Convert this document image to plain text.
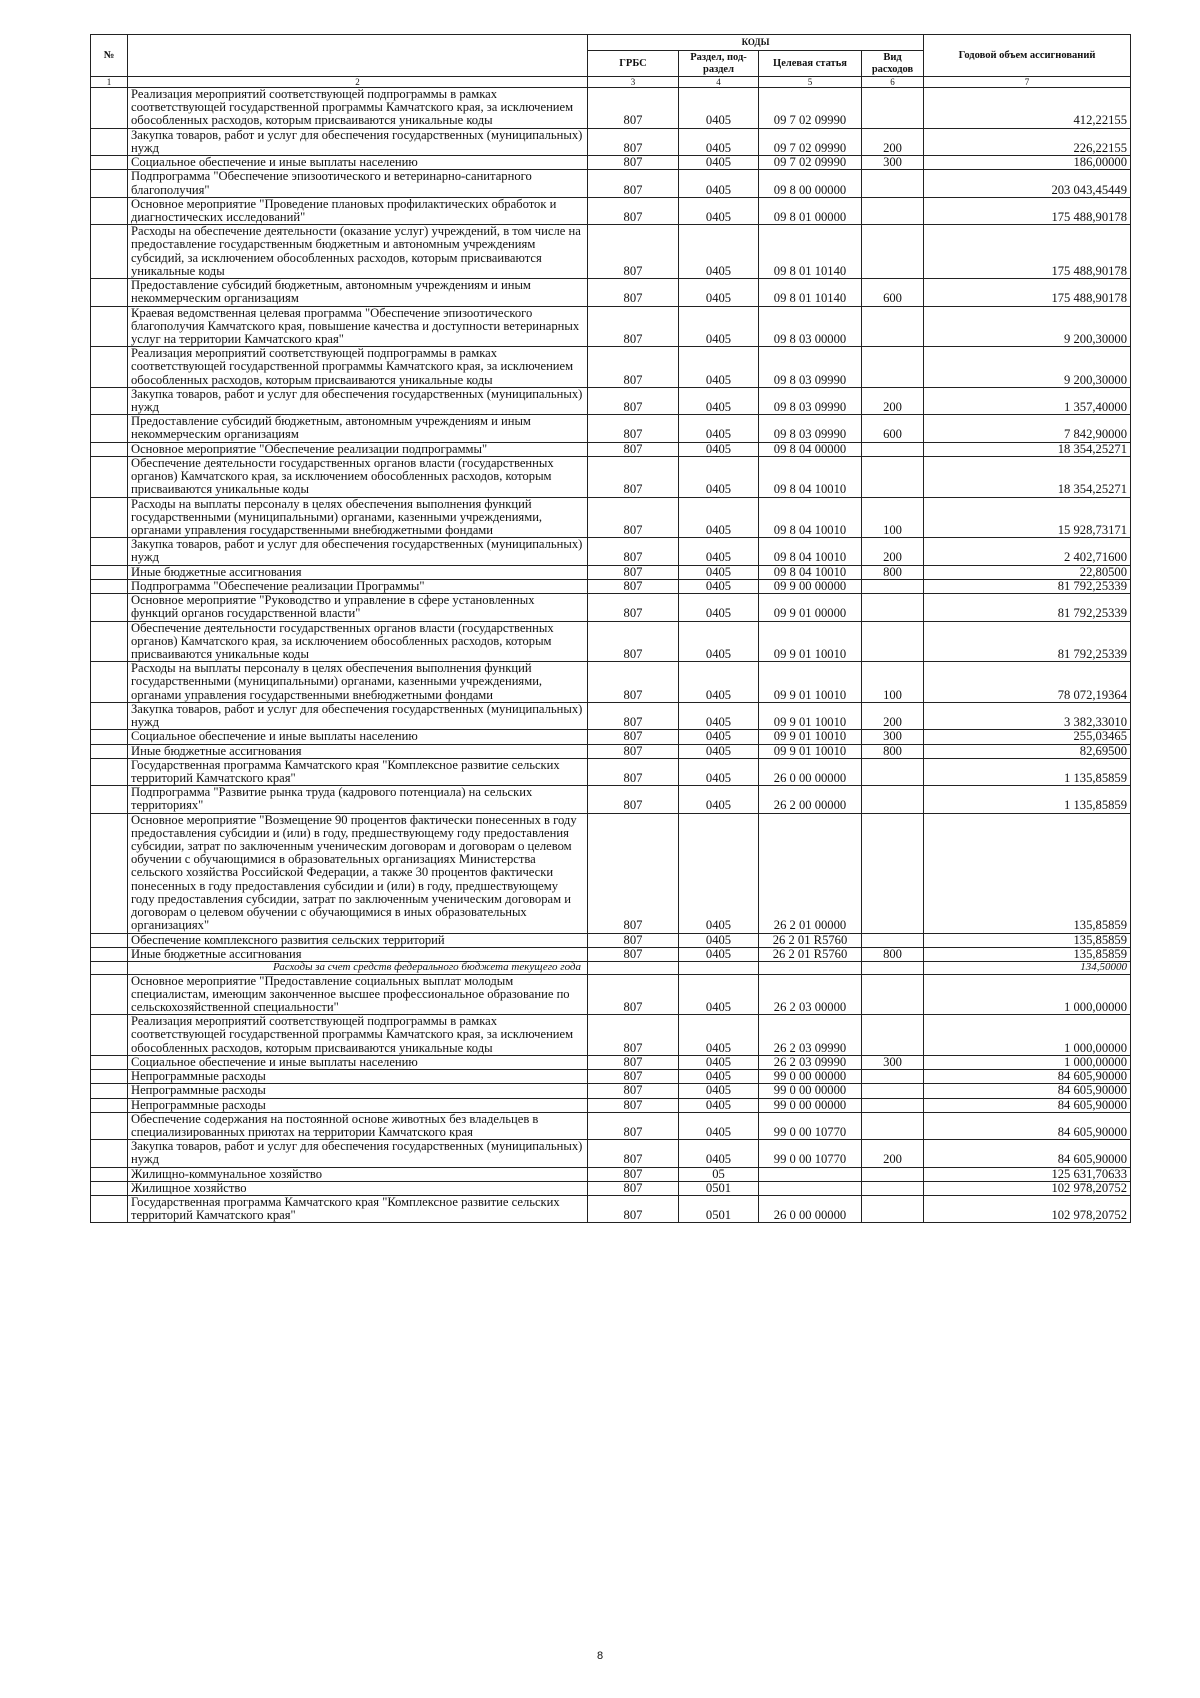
№		КОДЫ				Годовой объем ассигнований
		ГРБС	Раздел, под-раздел	Целевая статья	Вид расходов	
1	2	3	4	5	6	7
	Реализация мероприятий соответствующей подпрограммы в рамках соответствующей государственной программы Камчатского края, за исключением обособленных расходов, которым присваиваются уникальные коды	807	0405	09 7 02 09990		412,22155
	Закупка товаров, работ и услуг для обеспечения государственных (муниципальных) нужд	807	0405	09 7 02 09990	200	226,22155
	Социальное обеспечение и иные выплаты населению	807	0405	09 7 02 09990	300	186,00000
	Подпрограмма "Обеспечение эпизоотического и ветеринарно-санитарного благополучия"	807	0405	09 8 00 00000		203 043,45449
	Основное мероприятие "Проведение плановых профилактических обработок и диагностических исследований"	807	0405	09 8 01 00000		175 488,90178
	Расходы на обеспечение деятельности (оказание услуг) учреждений, в том числе на предоставление государственным бюджетным и автономным учреждениям субсидий, за исключением обособленных расходов, которым присваиваются уникальные коды	807	0405	09 8 01 10140		175 488,90178
	Предоставление субсидий бюджетным, автономным учреждениям и иным некоммерческим организациям	807	0405	09 8 01 10140	600	175 488,90178
	Краевая ведомственная целевая программа "Обеспечение эпизоотического благополучия Камчатского края, повышение качества и доступности ветеринарных услуг на территории Камчатского края"	807	0405	09 8 03 00000		9 200,30000
	Реализация мероприятий соответствующей подпрограммы в рамках соответствующей государственной программы Камчатского края, за исключением обособленных расходов, которым присваиваются уникальные коды	807	0405	09 8 03 09990		9 200,30000
	Закупка товаров, работ и услуг для обеспечения государственных (муниципальных) нужд	807	0405	09 8 03 09990	200	1 357,40000
	Предоставление субсидий бюджетным, автономным учреждениям и иным некоммерческим организациям	807	0405	09 8 03 09990	600	7 842,90000
	Основное мероприятие "Обеспечение реализации подпрограммы"	807	0405	09 8 04 00000		18 354,25271
	Обеспечение деятельности государственных органов власти (государственных органов) Камчатского края, за исключением обособленных расходов, которым присваиваются уникальные коды	807	0405	09 8 04 10010		18 354,25271
	Расходы на выплаты персоналу в целях обеспечения выполнения функций государственными (муниципальными) органами, казенными учреждениями, органами управления государственными внебюджетными фондами	807	0405	09 8 04 10010	100	15 928,73171
	Закупка товаров, работ и услуг для обеспечения государственных (муниципальных) нужд	807	0405	09 8 04 10010	200	2 402,71600
	Иные бюджетные ассигнования	807	0405	09 8 04 10010	800	22,80500
	Подпрограмма "Обеспечение реализации Программы"	807	0405	09 9 00 00000		81 792,25339
	Основное мероприятие "Руководство и управление в сфере установленных функций органов государственной власти"	807	0405	09 9 01 00000		81 792,25339
	Обеспечение деятельности государственных органов власти (государственных органов) Камчатского края, за исключением обособленных расходов, которым присваиваются уникальные коды	807	0405	09 9 01 10010		81 792,25339
	Расходы на выплаты персоналу в целях обеспечения выполнения функций государственными (муниципальными) органами, казенными учреждениями, органами управления государственными внебюджетными фондами	807	0405	09 9 01 10010	100	78 072,19364
	Закупка товаров, работ и услуг для обеспечения государственных (муниципальных) нужд	807	0405	09 9 01 10010	200	3 382,33010
	Социальное обеспечение и иные выплаты населению	807	0405	09 9 01 10010	300	255,03465
	Иные бюджетные ассигнования	807	0405	09 9 01 10010	800	82,69500
	Государственная программа Камчатского края "Комплексное развитие сельских территорий Камчатского края"	807	0405	26 0 00 00000		1 135,85859
	Подпрограмма "Развитие рынка труда (кадрового потенциала) на сельских территориях"	807	0405	26 2 00 00000		1 135,85859
	Основное мероприятие "Возмещение 90 процентов фактически понесенных в году предоставления субсидии и (или) в году, предшествующему году предоставления субсидии, затрат по заключенным ученическим договорам и договорам о целевом обучении с обучающимися в образовательных организациях Министерства сельского хозяйства Российской Федерации, а также 30 процентов фактически понесенных в году предоставления субсидии и (или) в году, предшествующему году предоставления субсидии, затрат по заключенным ученическим договорам и договорам о целевом обучении с обучающимися в иных образовательных организациях"	807	0405	26 2 01 00000		135,85859
	Обеспечение комплексного развития сельских территорий	807	0405	26 2 01 R5760		135,85859
	Иные бюджетные ассигнования	807	0405	26 2 01 R5760	800	135,85859
	Расходы за счет средств федерального бюджета текущего года					134,50000
	Основное мероприятие "Предоставление социальных выплат молодым специалистам, имеющим законченное высшее профессиональное образование по сельскохозяйственной специальности"	807	0405	26 2 03 00000		1 000,00000
	Реализация мероприятий соответствующей подпрограммы в рамках соответствующей государственной программы Камчатского края, за исключением обособленных расходов, которым присваиваются уникальные коды	807	0405	26 2 03 09990		1 000,00000
	Социальное обеспечение и иные выплаты населению	807	0405	26 2 03 09990	300	1 000,00000
	Непрограммные расходы	807	0405	99 0 00 00000		84 605,90000
	Непрограммные расходы	807	0405	99 0 00 00000		84 605,90000
	Непрограммные расходы	807	0405	99 0 00 00000		84 605,90000
	Обеспечение содержания на постоянной основе животных без владельцев в специализированных приютах на территории Камчатского края	807	0405	99 0 00 10770		84 605,90000
	Закупка товаров, работ и услуг для обеспечения государственных (муниципальных) нужд	807	0405	99 0 00 10770	200	84 605,90000
	Жилищно-коммунальное хозяйство	807	05			125 631,70633
	Жилищное хозяйство	807	0501			102 978,20752
	Государственная программа Камчатского края "Комплексное развитие сельских территорий Камчатского края"	807	0501	26 0 00 00000		102 978,20752
8
